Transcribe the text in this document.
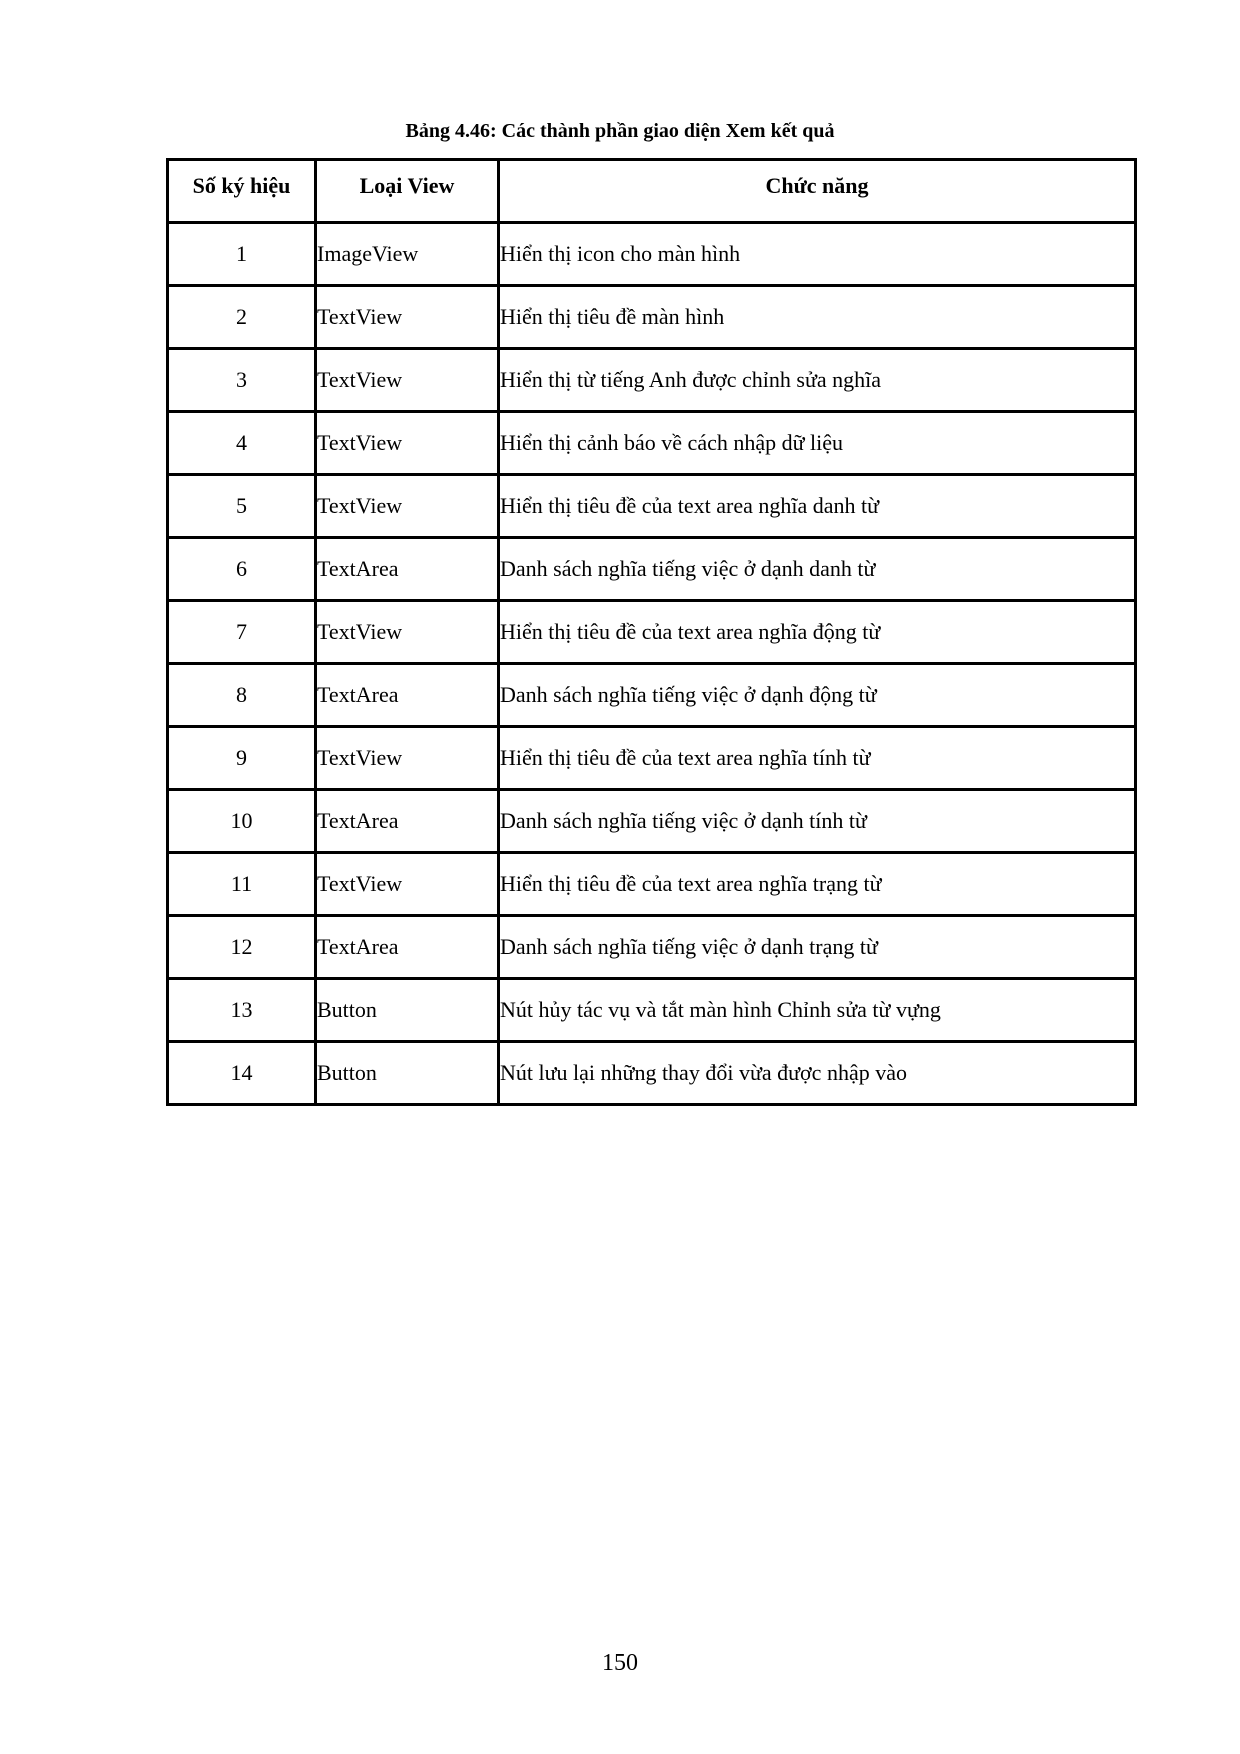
Bảng 4.46: Các thành phần giao diện Xem kết quả
Số ký hiệu	Loại View	Chức năng
1	ImageView	Hiển thị icon cho màn hình
2	TextView	Hiển thị tiêu đề màn hình
3	TextView	Hiển thị từ tiếng Anh được chỉnh sửa nghĩa
4	TextView	Hiển thị cảnh báo về cách nhập dữ liệu
5	TextView	Hiển thị tiêu đề của text area nghĩa danh từ
6	TextArea	Danh sách nghĩa tiếng việc ở dạnh danh từ
7	TextView	Hiển thị tiêu đề của text area nghĩa động từ
8	TextArea	Danh sách nghĩa tiếng việc ở dạnh động từ
9	TextView	Hiển thị tiêu đề của text area nghĩa tính từ
10	TextArea	Danh sách nghĩa tiếng việc ở dạnh tính từ
11	TextView	Hiển thị tiêu đề của text area nghĩa trạng từ
12	TextArea	Danh sách nghĩa tiếng việc ở dạnh trạng từ
13	Button	Nút hủy tác vụ và tắt màn hình Chỉnh sửa từ vựng
14	Button	Nút lưu lại những thay đổi vừa được nhập vào
150
